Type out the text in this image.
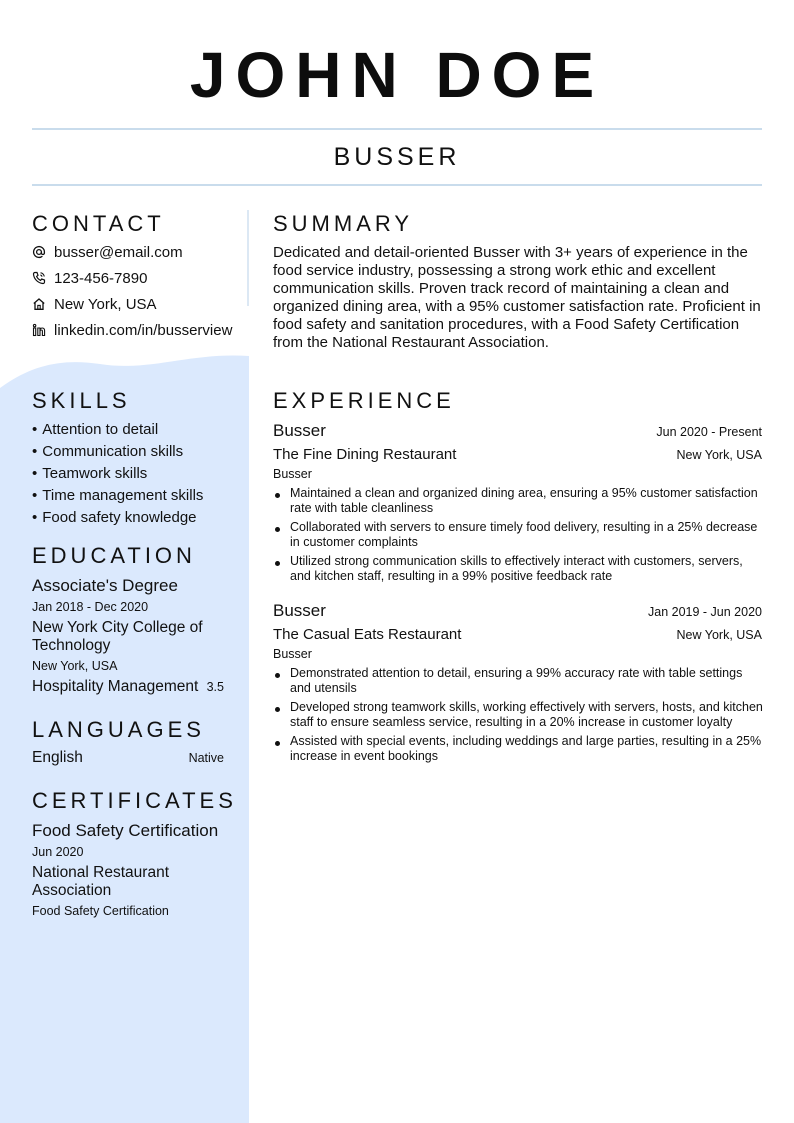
JOHN DOE
BUSSER
CONTACT
busser@email.com
123-456-7890
New York, USA
linkedin.com/in/busserview
SKILLS
• Attention to detail
• Communication skills
• Teamwork skills
• Time management skills
• Food safety knowledge
EDUCATION
Associate's Degree
Jan 2018 - Dec 2020
New York City College of Technology
New York, USA
Hospitality Management 3.5
LANGUAGES
English	Native
CERTIFICATES
Food Safety Certification
Jun 2020
National Restaurant Association
Food Safety Certification
SUMMARY
Dedicated and detail-oriented Busser with 3+ years of experience in the food service industry, possessing a strong work ethic and excellent communication skills. Proven track record of maintaining a clean and organized dining area, with a 95% customer satisfaction rate. Proficient in food safety and sanitation procedures, with a Food Safety Certification from the National Restaurant Association.
EXPERIENCE
Busser	Jun 2020 - Present
The Fine Dining Restaurant	New York, USA
Busser
Maintained a clean and organized dining area, ensuring a 95% customer satisfaction rate with table cleanliness
Collaborated with servers to ensure timely food delivery, resulting in a 25% decrease in customer complaints
Utilized strong communication skills to effectively interact with customers, servers, and kitchen staff, resulting in a 99% positive feedback rate
Busser	Jan 2019 - Jun 2020
The Casual Eats Restaurant	New York, USA
Busser
Demonstrated attention to detail, ensuring a 99% accuracy rate with table settings and utensils
Developed strong teamwork skills, working effectively with servers, hosts, and kitchen staff to ensure seamless service, resulting in a 20% increase in customer loyalty
Assisted with special events, including weddings and large parties, resulting in a 25% increase in event bookings
